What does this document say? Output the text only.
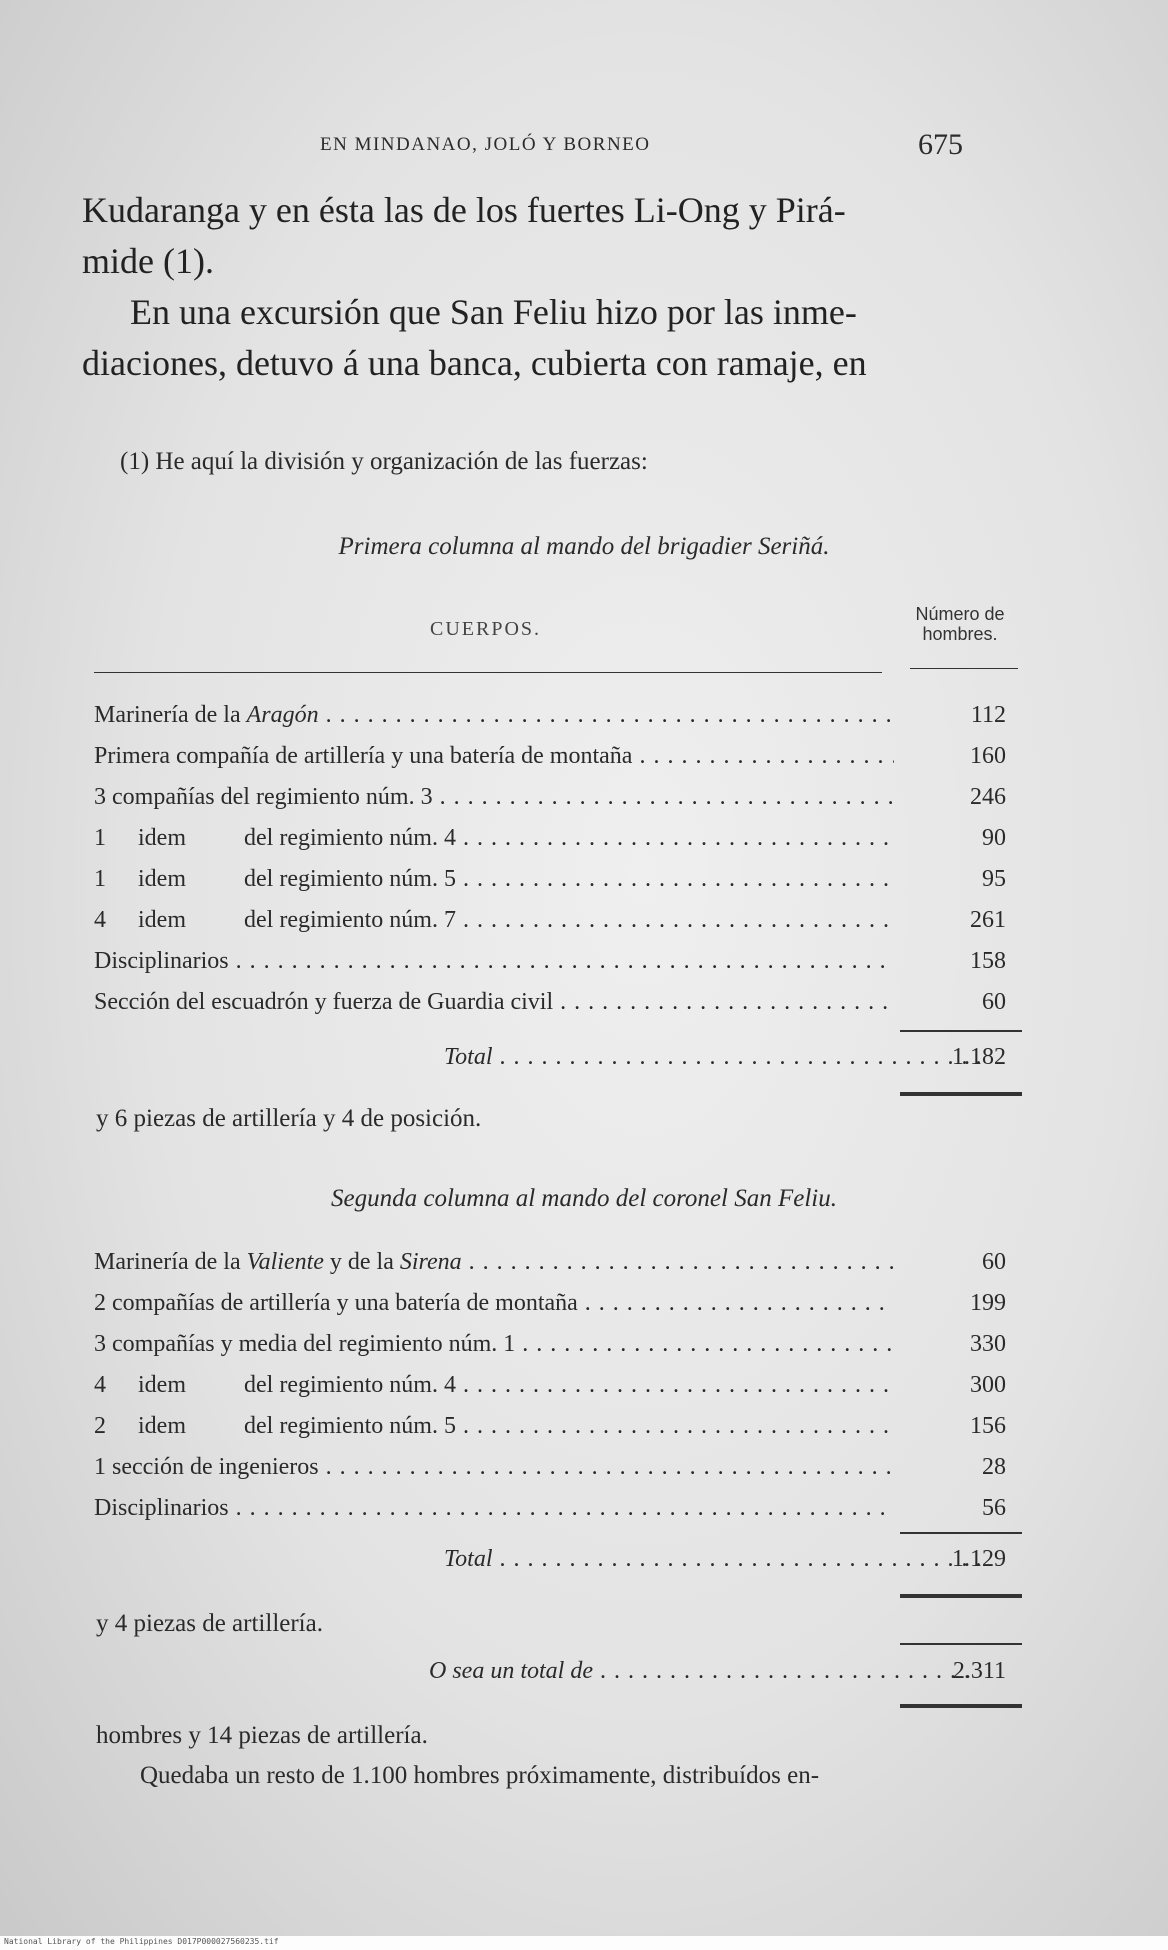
EN MINDANAO, JOLÓ Y BORNEO	675
Kudaranga y en ésta las de los fuertes Li-Ong y Pirá-
mide (1).
En una excursión que San Feliu hizo por las inme-
diaciones, detuvo á una banca, cubierta con ramaje, en
(1) He aquí la división y organización de las fuerzas:
Primera columna al mando del brigadier Seriñá.
CUERPOS.
Número de
hombres.
Marinería de la Aragón . . .	112
Primera compañía de artillería y una batería de montaña . . .	160
3 compañías del regimiento núm. 3 . . .	246
1 idem del regimiento núm. 4 . . .	90
1 idem del regimiento núm. 5 . . .	95
4 idem del regimiento núm. 7 . . .	261
Disciplinarios . . .	158
Sección del escuadrón y fuerza de Guardia civil . . .	60
Total . . .	1.182
y 6 piezas de artillería y 4 de posición.
Segunda columna al mando del coronel San Feliu.
Marinería de la Valiente y de la Sirena . . .	60
2 compañías de artillería y una batería de montaña . . .	199
3 compañías y media del regimiento núm. 1 . . .	330
4 idem del regimiento núm. 4 . . .	300
2 idem del regimiento núm. 5 . . .	156
1 sección de ingenieros . . .	28
Disciplinarios . . .	56
Total . . .	1.129
y 4 piezas de artillería.
O sea un total de . . .	2.311
hombres y 14 piezas de artillería.
Quedaba un resto de 1.100 hombres próximamente, distribuídos en-
National Library of the Philippines D017P000027560235.tif
